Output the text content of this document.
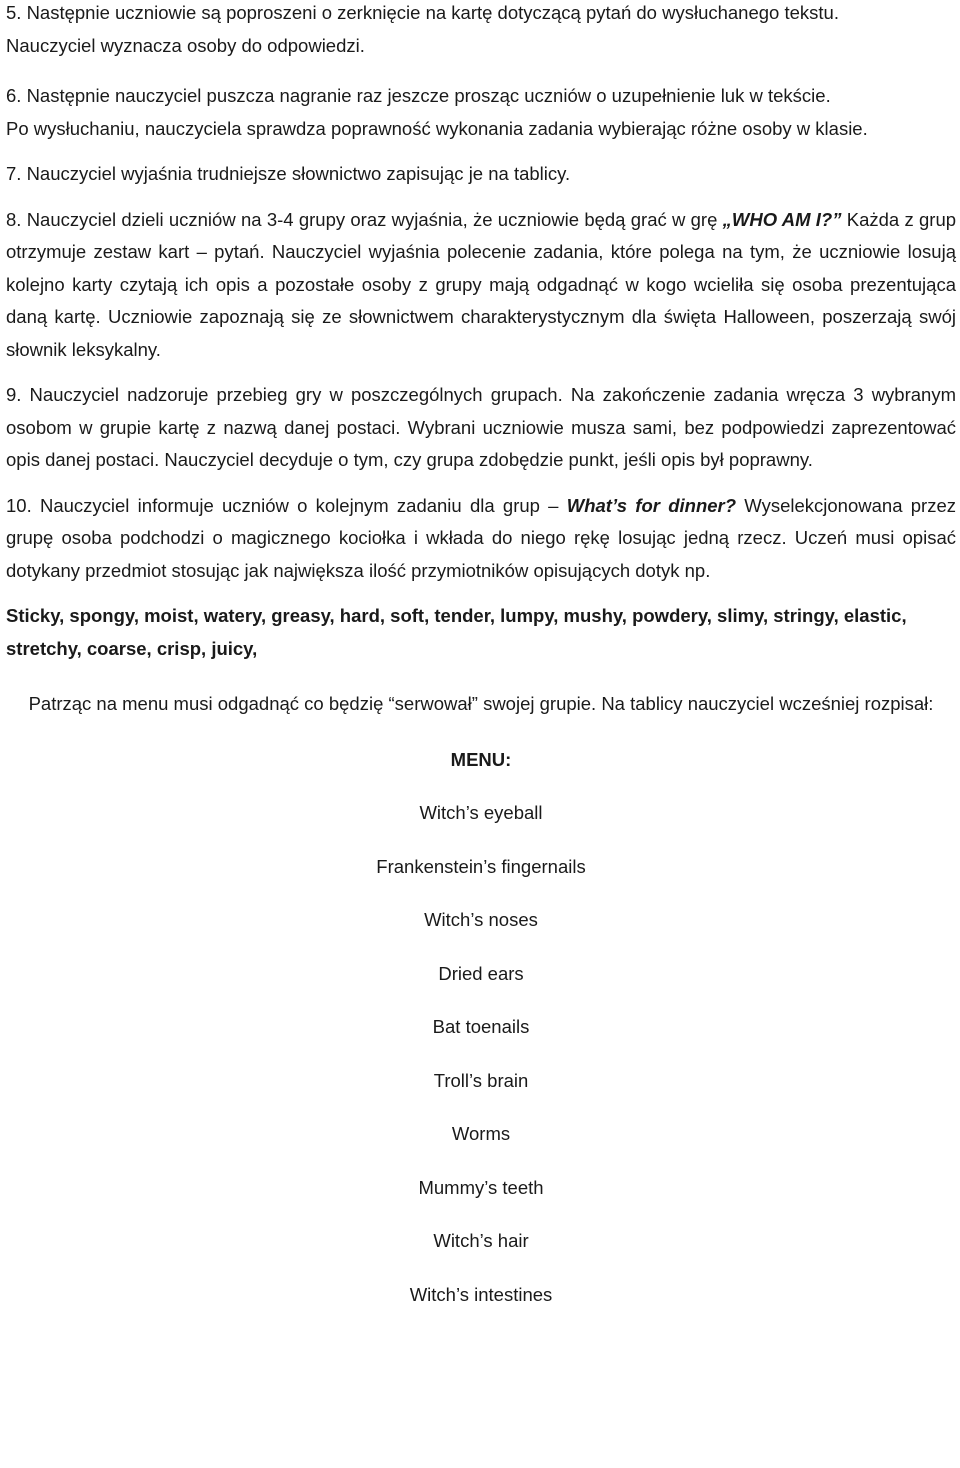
5. Następnie uczniowie są poproszeni o zerknięcie na kartę dotyczącą pytań do wysłuchanego tekstu.
Nauczyciel wyznacza osoby do odpowiedzi.

6. Następnie nauczyciel puszcza nagranie raz jeszcze prosząc uczniów o uzupełnienie luk w tekście.
Po wysłuchaniu, nauczyciela sprawdza poprawność wykonania zadania wybierając różne osoby w klasie.

7. Nauczyciel wyjaśnia trudniejsze słownictwo zapisując je na tablicy.

8. Nauczyciel dzieli uczniów na 3-4 grupy oraz wyjaśnia, że uczniowie będą grać w grę „WHO AM I?” Każda z grup otrzymuje zestaw kart – pytań. Nauczyciel wyjaśnia polecenie zadania, które polega na tym, że uczniowie losują kolejno karty czytają ich opis a pozostałe osoby z grupy mają odgadnąć w kogo wcieliła się osoba prezentująca daną kartę. Uczniowie zapoznają się ze słownictwem charakterystycznym dla święta Halloween, poszerzają swój słownik leksykalny.

9. Nauczyciel nadzoruje przebieg gry w poszczególnych grupach. Na zakończenie zadania wręcza 3 wybranym osobom w grupie kartę z nazwą danej postaci. Wybrani uczniowie musza sami, bez podpowiedzi zaprezentować opis danej postaci. Nauczyciel decyduje o tym, czy grupa zdobędzie punkt, jeśli opis był poprawny.

10. Nauczyciel informuje uczniów o kolejnym zadaniu dla grup – What’s for dinner? Wyselekcjonowana przez grupę osoba podchodzi o magicznego kociołka i wkłada do niego rękę losując jedną rzecz. Uczeń musi opisać dotykany przedmiot stosując jak największa ilość przymiotników opisujących dotyk np.

Sticky, spongy, moist, watery, greasy, hard, soft, tender, lumpy, mushy, powdery, slimy, stringy, elastic, stretchy, coarse, crisp, juicy,

Patrząc na menu musi odgadnąć co będzię “serwował” swojej grupie. Na tablicy nauczyciel wcześniej rozpisał:

MENU:

Witch’s eyeball

Frankenstein’s fingernails

Witch’s noses

Dried ears

Bat toenails

Troll’s brain

Worms

Mummy’s teeth

Witch’s hair

Witch’s intestines
